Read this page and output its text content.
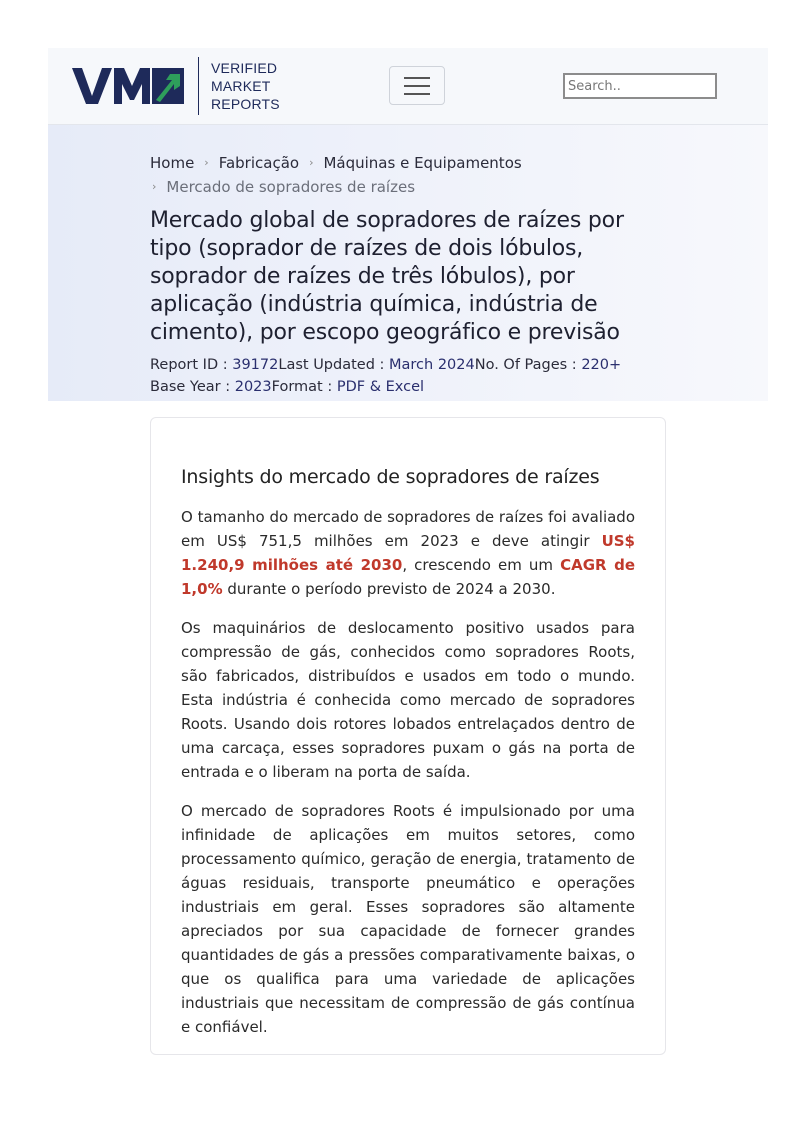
VERIFIED
MARKET
REPORTS
Search..
Home › Fabricação › Máquinas e Equipamentos
› Mercado de sopradores de raízes
Mercado global de sopradores de raízes por tipo (soprador de raízes de dois lóbulos, soprador de raízes de três lóbulos), por aplicação (indústria química, indústria de cimento), por escopo geográfico e previsão
Report ID : 39172Last Updated : March 2024No. Of Pages : 220+
Base Year : 2023Format : PDF & Excel
Insights do mercado de sopradores de raízes

O tamanho do mercado de sopradores de raízes foi avaliado em US$ 751,5 milhões em 2023 e deve atingir US$ 1.240,9 milhões até 2030, crescendo em um CAGR de 1,0% durante o período previsto de 2024 a 2030.

Os maquinários de deslocamento positivo usados para compressão de gás, conhecidos como sopradores Roots, são fabricados, distribuídos e usados em todo o mundo. Esta indústria é conhecida como mercado de sopradores Roots. Usando dois rotores lobados entrelaçados dentro de uma carcaça, esses sopradores puxam o gás na porta de entrada e o liberam na porta de saída.

O mercado de sopradores Roots é impulsionado por uma infinidade de aplicações em muitos setores, como processamento químico, geração de energia, tratamento de águas residuais, transporte pneumático e operações industriais em geral. Esses sopradores são altamente apreciados por sua capacidade de fornecer grandes quantidades de gás a pressões comparativamente baixas, o que os qualifica para uma variedade de aplicações industriais que necessitam de compressão de gás contínua e confiável.
